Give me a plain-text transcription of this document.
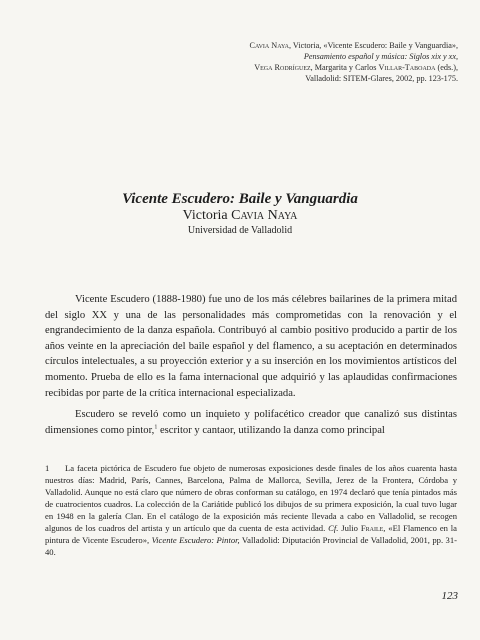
Cavia Naya, Victoria, «Vicente Escudero: Baile y Vanguardia»,
Pensamiento español y música: Siglos xix y xx,
Vega Rodríguez, Margarita y Carlos Villar-Taboada (eds.),
Valladolid: SITEM-Glares, 2002, pp. 123-175.
Vicente Escudero: Baile y Vanguardia
Victoria Cavia Naya
Universidad de Valladolid

Vicente Escudero (1888-1980) fue uno de los más célebres bailarines de la primera mitad del siglo XX y una de las personalidades más comprometidas con la renovación y el engrandecimiento de la danza española. Contribuyó al cambio positivo producido a partir de los años veinte en la apreciación del baile español y del flamenco, a su aceptación en determinados círculos intelectuales, a su proyección exterior y a su inserción en los movimientos artísticos del momento. Prueba de ello es la fama internacional que adquirió y las aplaudidas confirmaciones recibidas por parte de la crítica internacional especializada.

Escudero se reveló como un inquieto y polifacético creador que canalizó sus distintas dimensiones como pintor,$^1$ escritor y cantaor, utilizando la danza como principal

1 La faceta pictórica de Escudero fue objeto de numerosas exposiciones desde finales de los años cuarenta hasta nuestros días: Madrid, París, Cannes, Barcelona, Palma de Mallorca, Sevilla, Jerez de la Frontera, Córdoba y Valladolid. Aunque no está claro que número de obras conforman su catálogo, en 1974 declaró que tenía pintados más de cuatrocientos cuadros. La colección de la Cariátide publicó los dibujos de su primera exposición, la cual tuvo lugar en 1948 en la galería Clan. En el catálogo de la exposición más reciente llevada a cabo en Valladolid, se recogen algunos de los cuadros del artista y un artículo que da cuenta de esta actividad. Cf. Julio Fraile, «El Flamenco en la pintura de Vicente Escudero», Vicente Escudero: Pintor, Valladolid: Diputación Provincial de Valladolid, 2001, pp. 31-40.
123
